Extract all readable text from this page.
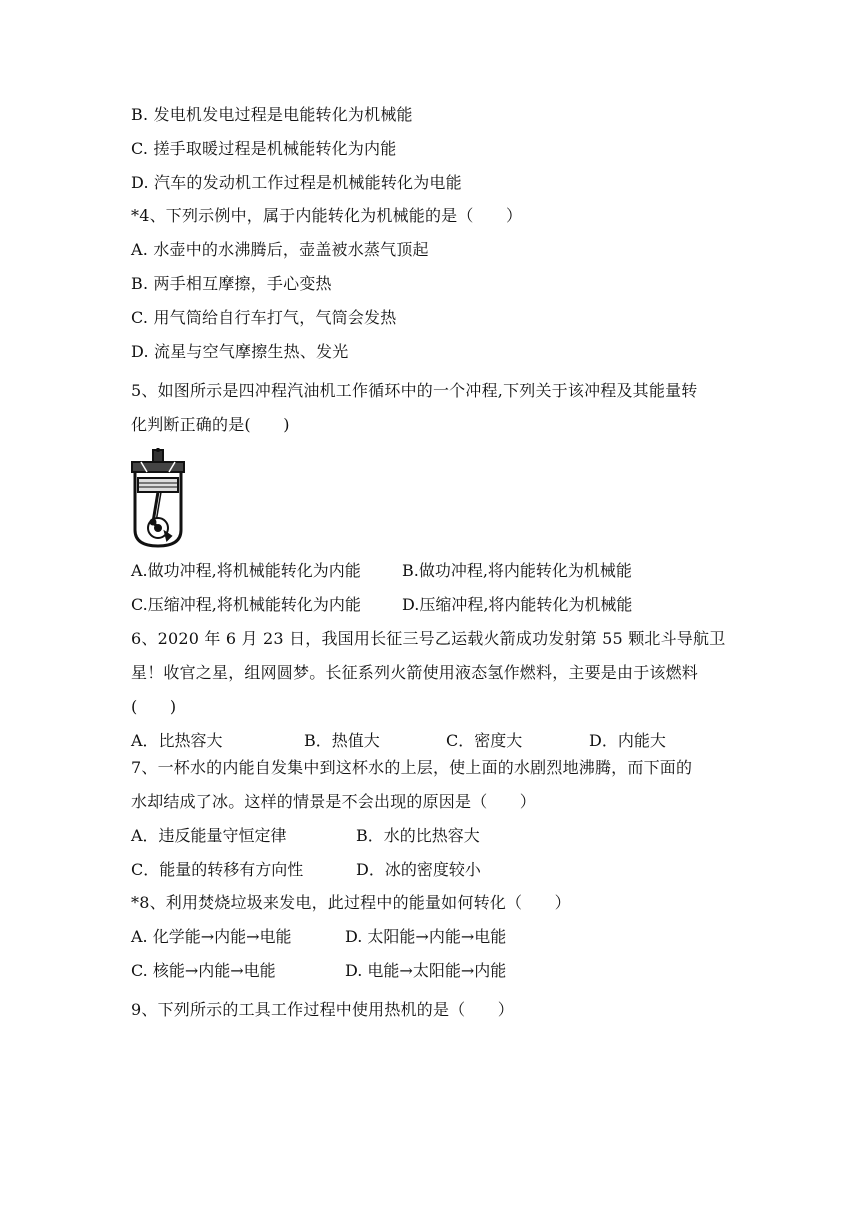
B. 发电机发电过程是电能转化为机械能
C. 搓手取暖过程是机械能转化为内能
D. 汽车的发动机工作过程是机械能转化为电能
*4、下列示例中，属于内能转化为机械能的是（　　）
A. 水壶中的水沸腾后，壶盖被水蒸气顶起
B. 两手相互摩擦，手心变热
C. 用气筒给自行车打气，气筒会发热
D. 流星与空气摩擦生热、发光
5、如图所示是四冲程汽油机工作循环中的一个冲程,下列关于该冲程及其能量转
化判断正确的是(　　)
A.做功冲程,将机械能转化为内能	B.做功冲程,将内能转化为机械能
C.压缩冲程,将机械能转化为内能	D.压缩冲程,将内能转化为机械能
6、2020 年 6 月 23 日，我国用长征三号乙运载火箭成功发射第 55 颗北斗导航卫
星！收官之星，组网圆梦。长征系列火箭使用液态氢作燃料，主要是由于该燃料
(　　)
A．比热容大	B．热值大	C．密度大	D．内能大
7、一杯水的内能自发集中到这杯水的上层，使上面的水剧烈地沸腾，而下面的
水却结成了冰。这样的情景是不会出现的原因是（　　）
A．违反能量守恒定律	B．水的比热容大
C．能量的转移有方向性	D．冰的密度较小
*8、利用焚烧垃圾来发电，此过程中的能量如何转化（　　）
A. 化学能→内能→电能	D. 太阳能→内能→电能
C. 核能→内能→电能	D. 电能→太阳能→内能
9、下列所示的工具工作过程中使用热机的是（　　）
